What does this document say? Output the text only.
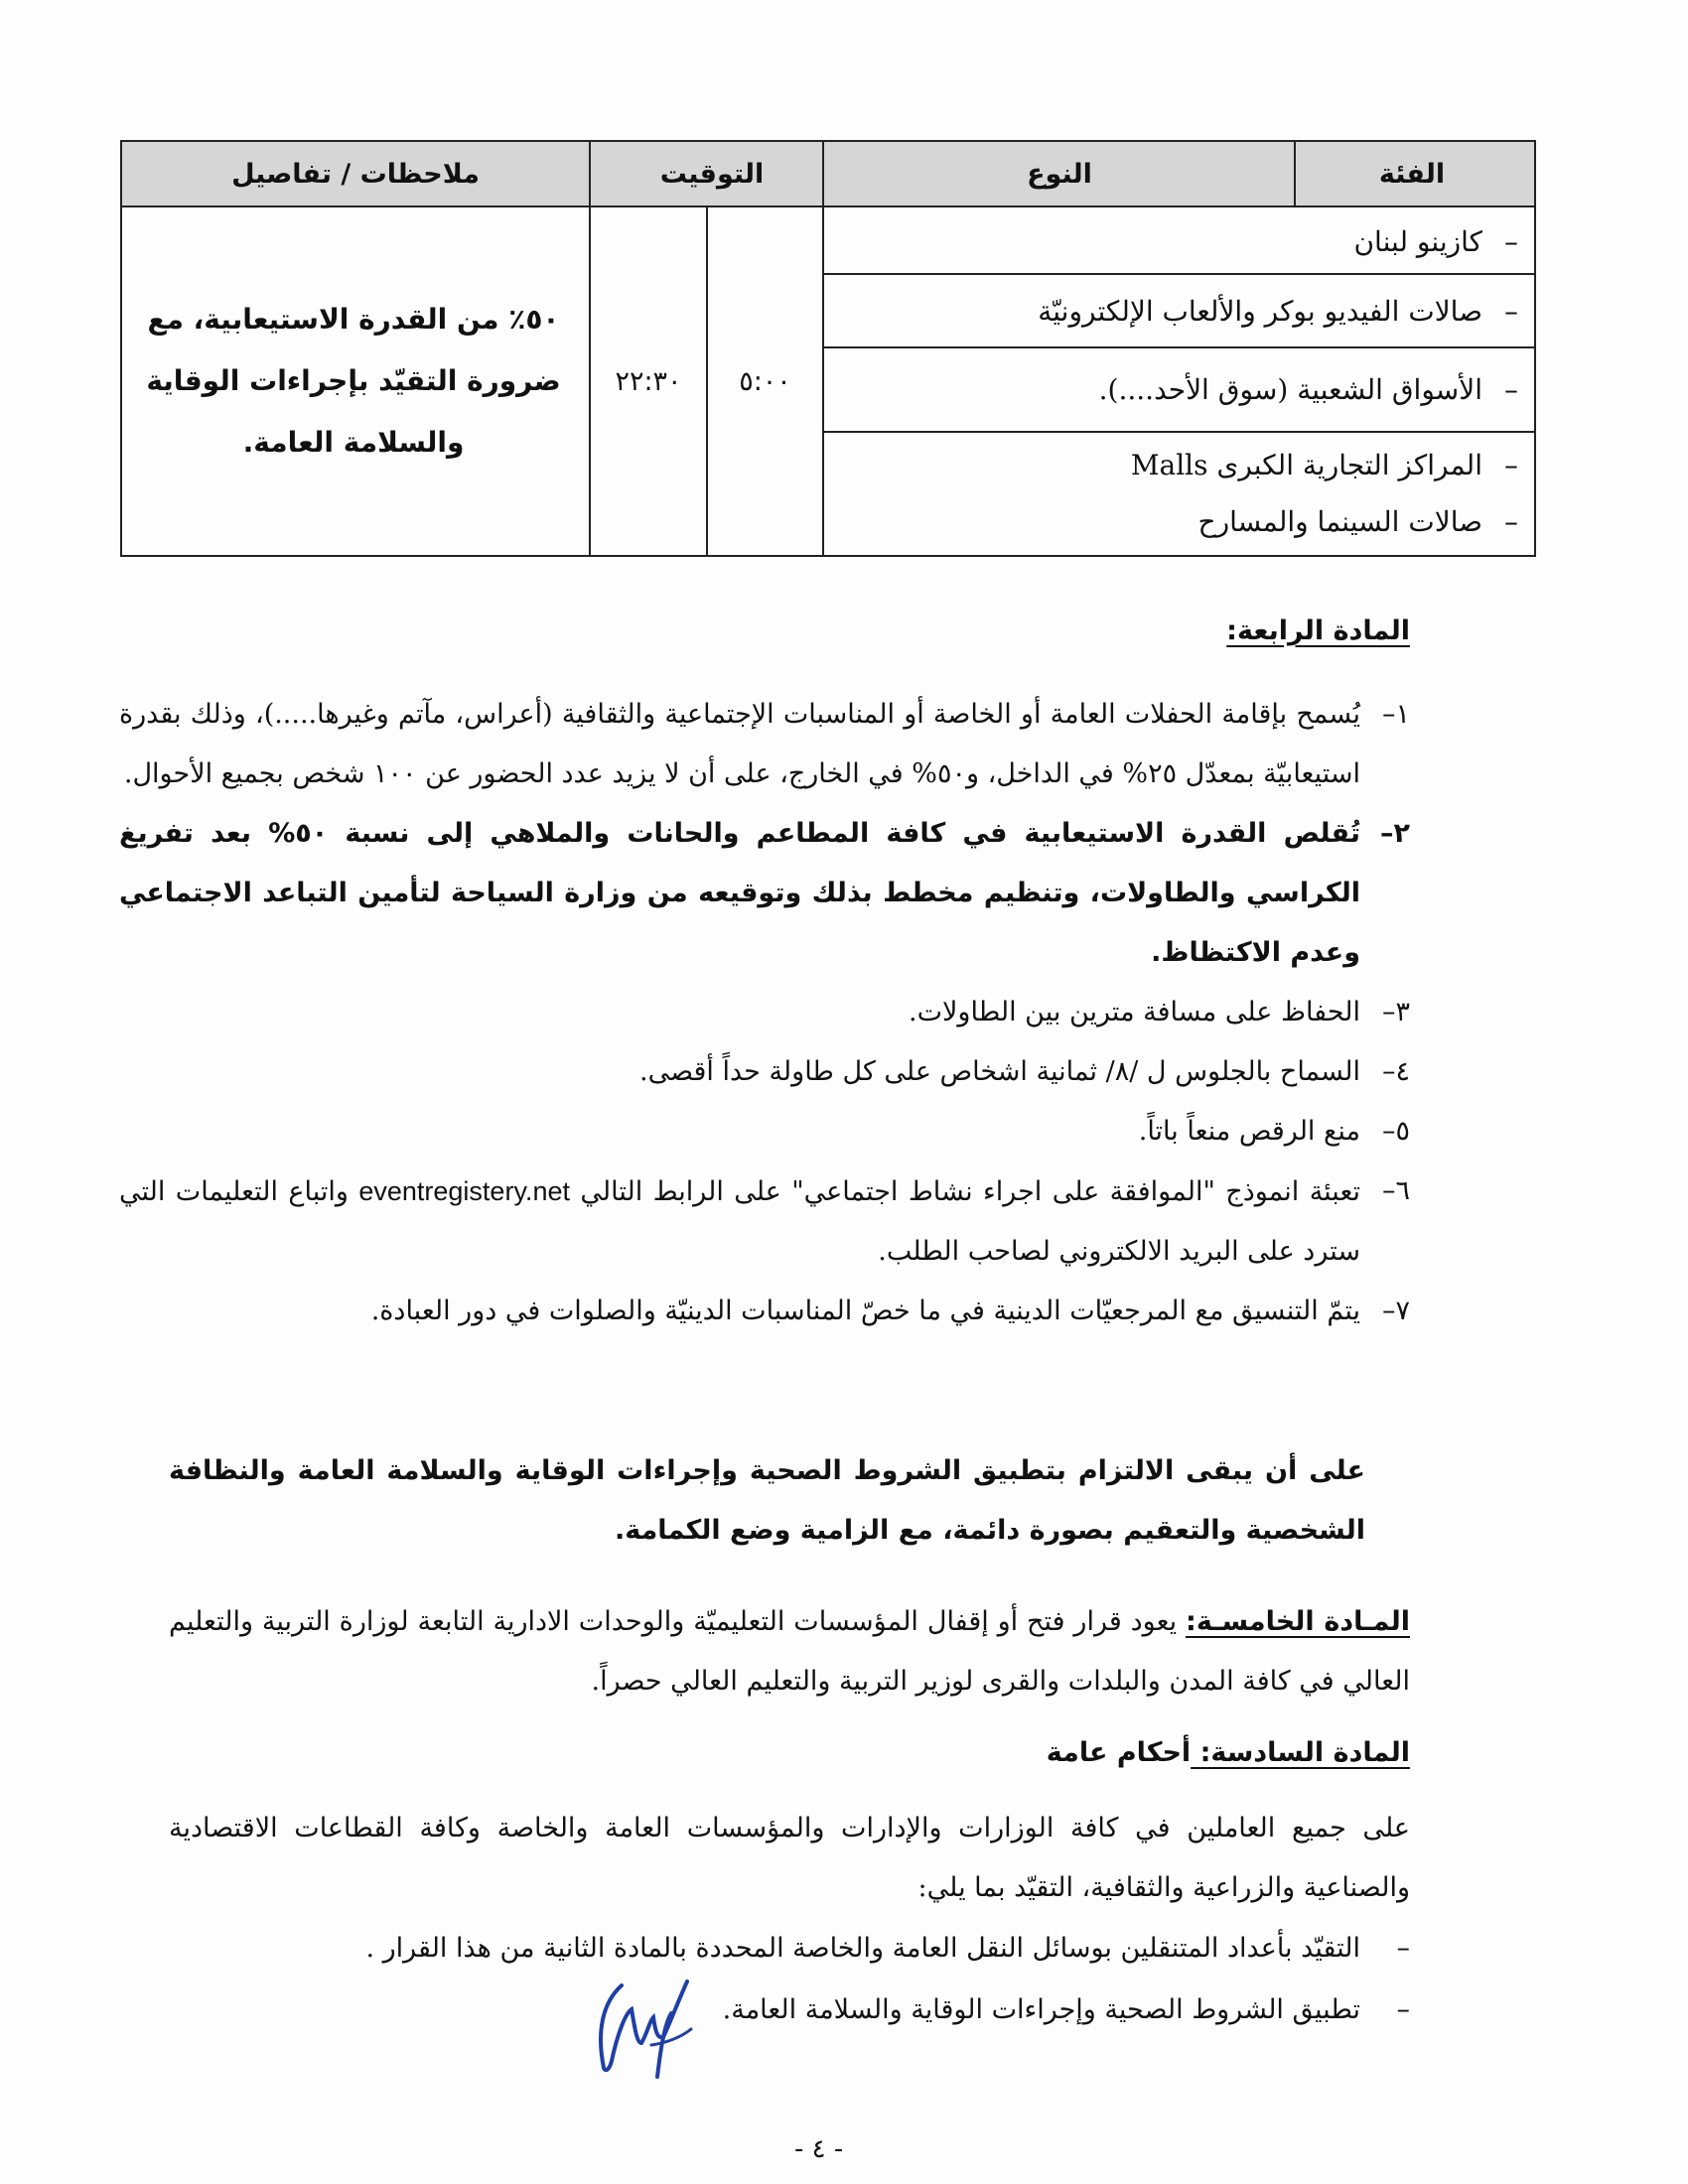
الفئة
النوع
التوقيت
ملاحظات / تفاصيل
–
كازينو لبنان
–
صالات الفيديو بوكر والألعاب الإلكترونيّة
–
الأسواق الشعبية (سوق الأحد....).
–
المراكز التجارية الكبرى Malls
–
صالات السينما والمسارح
٥:٠٠
٢٢:٣٠
٥٠٪ من القدرة الاستيعابية، مع ضرورة التقيّد بإجراءات الوقاية والسلامة العامة.
المادة الرابعة:
١–
يُسمح بإقامة الحفلات العامة أو الخاصة أو المناسبات الإجتماعية والثقافية (أعراس، مآتم وغيرها.....)، وذلك بقدرة استيعابيّة بمعدّل ٢٥% في الداخل، و٥٠% في الخارج، على أن لا يزيد عدد الحضور عن ١٠٠ شخص بجميع الأحوال.
٢–
تُقلص القدرة الاستيعابية في كافة المطاعم والحانات والملاهي إلى نسبة ٥٠% بعد تفريغ الكراسي والطاولات، وتنظيم مخطط بذلك وتوقيعه من وزارة السياحة لتأمين التباعد الاجتماعي وعدم الاكتظاظ.
٣–
الحفاظ على مسافة مترين بين الطاولات.
٤–
السماح بالجلوس ل /٨/ ثمانية اشخاص على كل طاولة حداً أقصى.
٥–
منع الرقص منعاً باتاً.
٦–
تعبئة انموذج "الموافقة على اجراء نشاط اجتماعي" على الرابط التالي eventregistery.net واتباع التعليمات التي سترد على البريد الالكتروني لصاحب الطلب.
٧–
يتمّ التنسيق مع المرجعيّات الدينية في ما خصّ المناسبات الدينيّة والصلوات في دور العبادة.
على أن يبقى الالتزام بتطبيق الشروط الصحية وإجراءات الوقاية والسلامة العامة والنظافة الشخصية والتعقيم بصورة دائمة، مع الزامية وضع الكمامة.
المـادة الخامسـة: يعود قرار فتح أو إقفال المؤسسات التعليميّة والوحدات الادارية التابعة لوزارة التربية والتعليم العالي في كافة المدن والبلدات والقرى لوزير التربية والتعليم العالي حصراً.
المادة السادسة: أحكام عامة
على جميع العاملين في كافة الوزارات والإدارات والمؤسسات العامة والخاصة وكافة القطاعات الاقتصادية والصناعية والزراعية والثقافية، التقيّد بما يلي:
–
التقيّد بأعداد المتنقلين بوسائل النقل العامة والخاصة المحددة بالمادة الثانية من هذا القرار .
–
تطبيق الشروط الصحية وإجراءات الوقاية والسلامة العامة.
- ٤ -
